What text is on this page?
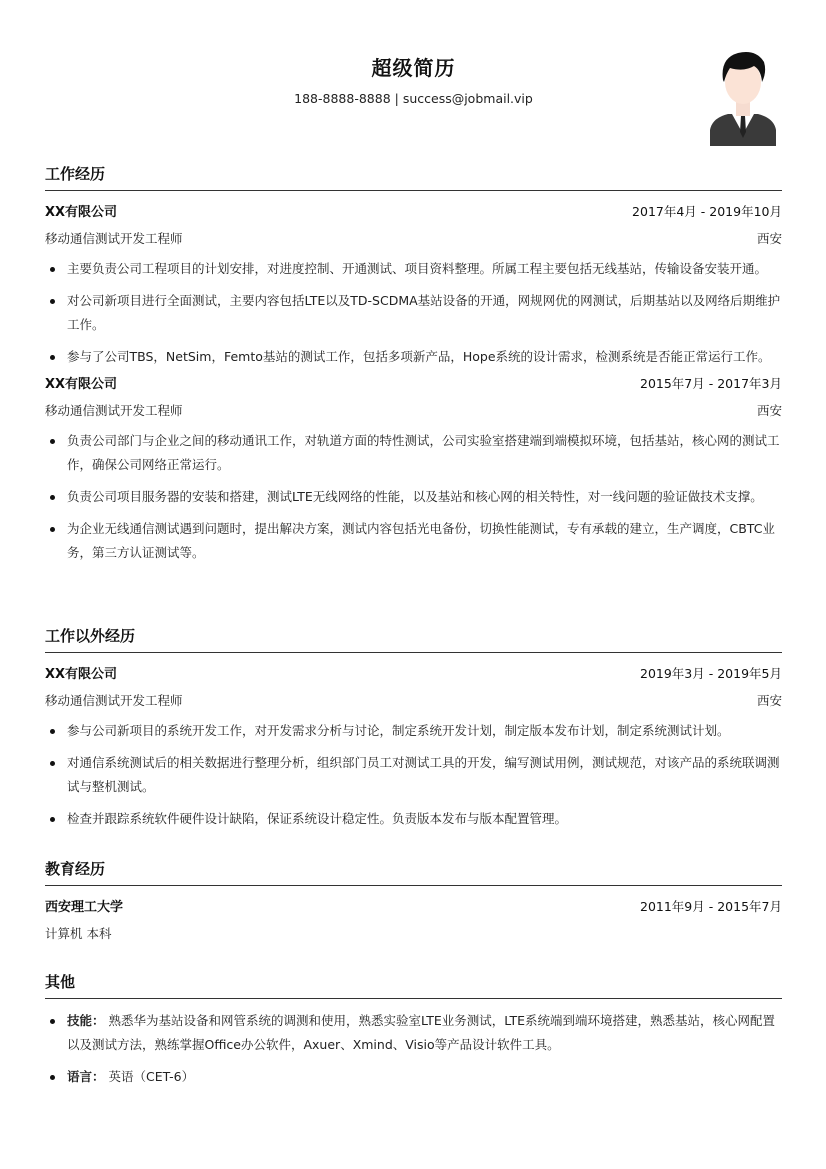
超级简历
188-8888-8888 | success@jobmail.vip
工作经历
XX有限公司	2017年4月 - 2019年10月
移动通信测试开发工程师	西安
主要负责公司工程项目的计划安排，对进度控制、开通测试、项目资料整理。所属工程主要包括无线基站，传输设备安装开通。
对公司新项目进行全面测试，主要内容包括LTE以及TD-SCDMA基站设备的开通，网规网优的网测试，后期基站以及网络后期维护工作。
参与了公司TBS，NetSim，Femto基站的测试工作，包括多项新产品，Hope系统的设计需求，检测系统是否能正常运行工作。
XX有限公司	2015年7月 - 2017年3月
移动通信测试开发工程师	西安
负责公司部门与企业之间的移动通讯工作，对轨道方面的特性测试，公司实验室搭建端到端模拟环境，包括基站，核心网的测试工作，确保公司网络正常运行。
负责公司项目服务器的安装和搭建，测试LTE无线网络的性能，以及基站和核心网的相关特性，对一线问题的验证做技术支撑。
为企业无线通信测试遇到问题时，提出解决方案，测试内容包括光电备份，切换性能测试，专有承载的建立，生产调度，CBTC业务，第三方认证测试等。
工作以外经历
XX有限公司	2019年3月 - 2019年5月
移动通信测试开发工程师	西安
参与公司新项目的系统开发工作，对开发需求分析与讨论，制定系统开发计划，制定版本发布计划，制定系统测试计划。
对通信系统测试后的相关数据进行整理分析，组织部门员工对测试工具的开发，编写测试用例，测试规范，对该产品的系统联调测试与整机测试。
检查并跟踪系统软件硬件设计缺陷，保证系统设计稳定性。负责版本发布与版本配置管理。
教育经历
西安理工大学	2011年9月 - 2015年7月
计算机 本科
其他
技能： 熟悉华为基站设备和网管系统的调测和使用，熟悉实验室LTE业务测试，LTE系统端到端环境搭建，熟悉基站，核心网配置以及测试方法，熟练掌握Office办公软件，Axuer、Xmind、Visio等产品设计软件工具。
语言： 英语（CET-6）
